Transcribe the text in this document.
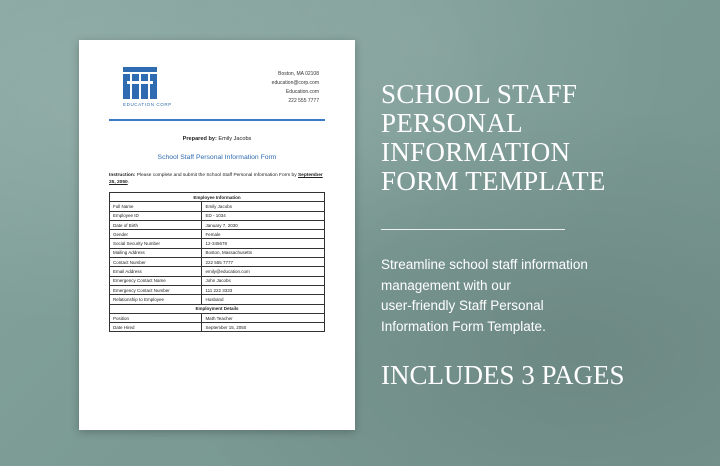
EDUCATION CORP
Boston, MA 02108
education@corp.com
Education.com
222 555 7777
Prepared by: Emily Jacobs
School Staff Personal Information Form
Instruction: Please complete and submit the School Staff Personal Information Form by September 25, 2050.
Employee Information	
Full Name	Emily Jacobs
Employee ID	ED - 1034
Date of Birth	January 7, 2030
Gender	Female
Social Security Number	12-345678
Mailing Address	Boston, Massachusetts
Contact Number	222 555 7777
Email Address	emily@education.com
Emergency Contact Name	John Jacobs
Emergency Contact Number	111 222 3333
Relationship to Employee	Husband
Employment Details	
Position	Math Teacher
Date Hired	September 15, 2050
SCHOOL STAFF
PERSONAL
INFORMATION
FORM TEMPLATE
Streamline school staff information
management with our
user-friendly Staff Personal
Information Form Template.
INCLUDES 3 PAGES
